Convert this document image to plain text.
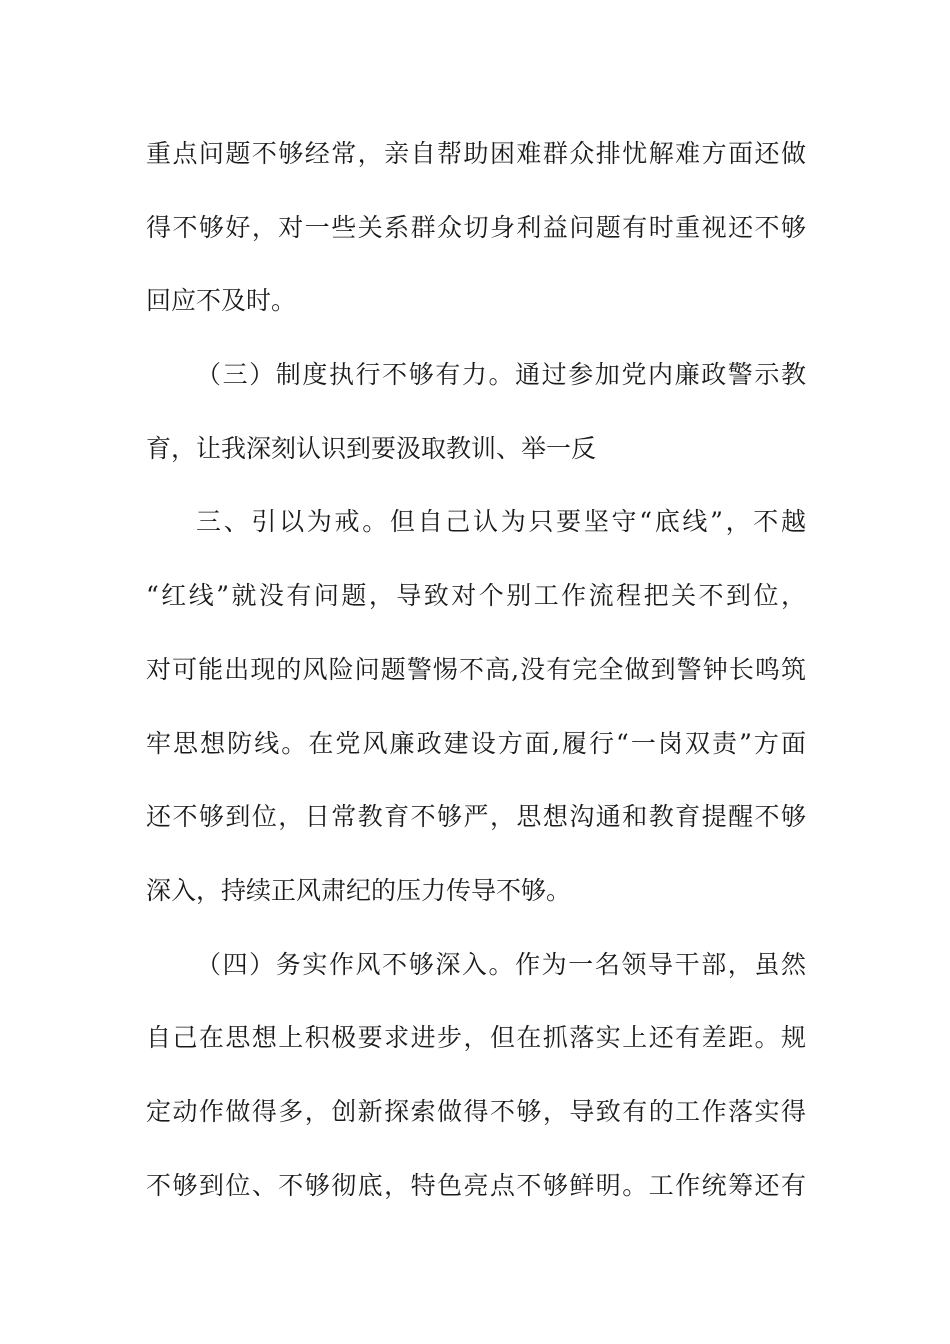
重点问题不够经常，亲自帮助困难群众排忧解难方面还做
得不够好，对一些关系群众切身利益问题有时重视还不够
回应不及时。
（三）制度执行不够有力。通过参加党内廉政警示教
育，让我深刻认识到要汲取教训、举一反
三、引以为戒。但自己认为只要坚守“底线”，不越
“红线”就没有问题，导致对个别工作流程把关不到位，
对可能出现的风险问题警惕不高,没有完全做到警钟长鸣筑
牢思想防线。在党风廉政建设方面,履行“一岗双责”方面
还不够到位，日常教育不够严，思想沟通和教育提醒不够
深入，持续正风肃纪的压力传导不够。
（四）务实作风不够深入。作为一名领导干部，虽然
自己在思想上积极要求进步，但在抓落实上还有差距。规
定动作做得多，创新探索做得不够，导致有的工作落实得
不够到位、不够彻底，特色亮点不够鲜明。工作统筹还有
